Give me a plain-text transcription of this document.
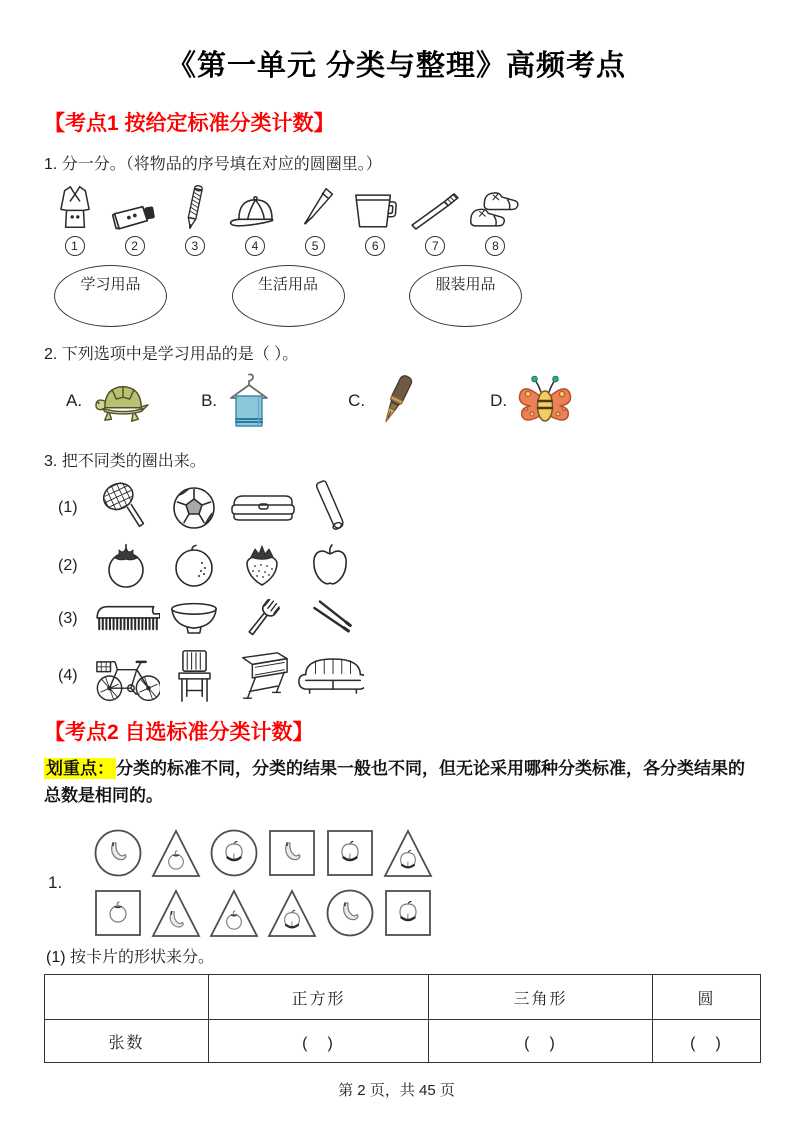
《第一单元 分类与整理》高频考点
【考点1 按给定标准分类计数】
1. 分一分。（将物品的序号填在对应的圆圈里。）
1	2	3	4	5	6	7	8
学习用品	生活用品	服装用品
2. 下列选项中是学习用品的是（ ）。
A.	B.	C.	D.
3. 把不同类的圈出来。
(1)
(2)
(3)
(4)
【考点2 自选标准分类计数】

划重点： 分类的标准不同，分类的结果一般也不同，但无论采用哪种分类标准，各分类结果的总数是相同的。

1.
(1) 按卡片的形状来分。
	正方形	三角形	圆
张数	(　)	(　)	(　)
第 2 页，共 45 页
